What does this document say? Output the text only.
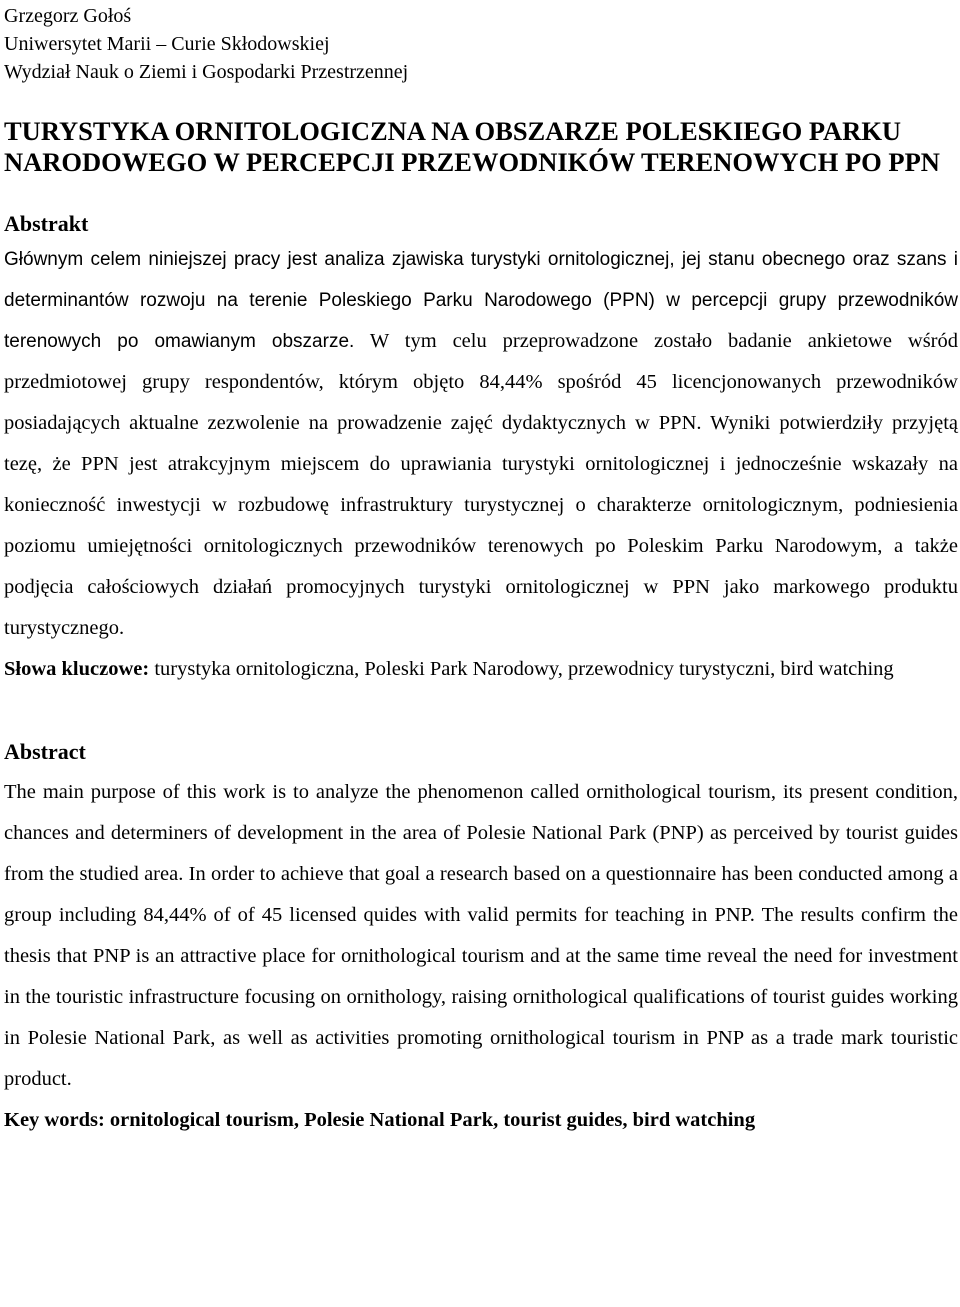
Grzegorz Gołoś
Uniwersytet Marii – Curie Skłodowskiej
Wydział Nauk o Ziemi i Gospodarki Przestrzennej
TURYSTYKA ORNITOLOGICZNA NA OBSZARZE POLESKIEGO PARKU NARODOWEGO W PERCEPCJI PRZEWODNIKÓW TERENOWYCH PO PPN
Abstrakt
Głównym celem niniejszej pracy jest analiza zjawiska turystyki ornitologicznej, jej stanu obecnego oraz szans i determinantów rozwoju na terenie Poleskiego Parku Narodowego (PPN) w percepcji grupy przewodników terenowych po omawianym obszarze. W tym celu przeprowadzone zostało badanie ankietowe wśród przedmiotowej grupy respondentów, którym objęto 84,44% spośród 45 licencjonowanych przewodników posiadających aktualne zezwolenie na prowadzenie zajęć dydaktycznych w PPN. Wyniki potwierdziły przyjętą tezę, że PPN jest atrakcyjnym miejscem do uprawiania turystyki ornitologicznej i jednocześnie wskazały na konieczność inwestycji w rozbudowę infrastruktury turystycznej o charakterze ornitologicznym, podniesienia poziomu umiejętności ornitologicznych przewodników terenowych po Poleskim Parku Narodowym, a także podjęcia całościowych działań promocyjnych turystyki ornitologicznej w PPN jako markowego produktu turystycznego.
Słowa kluczowe: turystyka ornitologiczna, Poleski Park Narodowy, przewodnicy turystyczni, bird watching
Abstract
The main purpose of this work is to analyze the phenomenon called ornithological tourism, its present condition, chances and determiners of development in the area of Polesie National Park (PNP) as perceived by tourist guides from the studied area. In order to achieve that goal a research based on a questionnaire has been conducted among a group including 84,44% of of 45 licensed quides with valid permits for teaching in PNP. The results confirm the thesis that PNP is an attractive place for ornithological tourism and at the same time reveal the need for investment in the touristic infrastructure focusing on ornithology, raising ornithological qualifications of tourist guides working in Polesie National Park, as well as activities promoting ornithological tourism in PNP as a trade mark touristic product.
Key words: ornitological tourism, Polesie National Park, tourist guides, bird watching
